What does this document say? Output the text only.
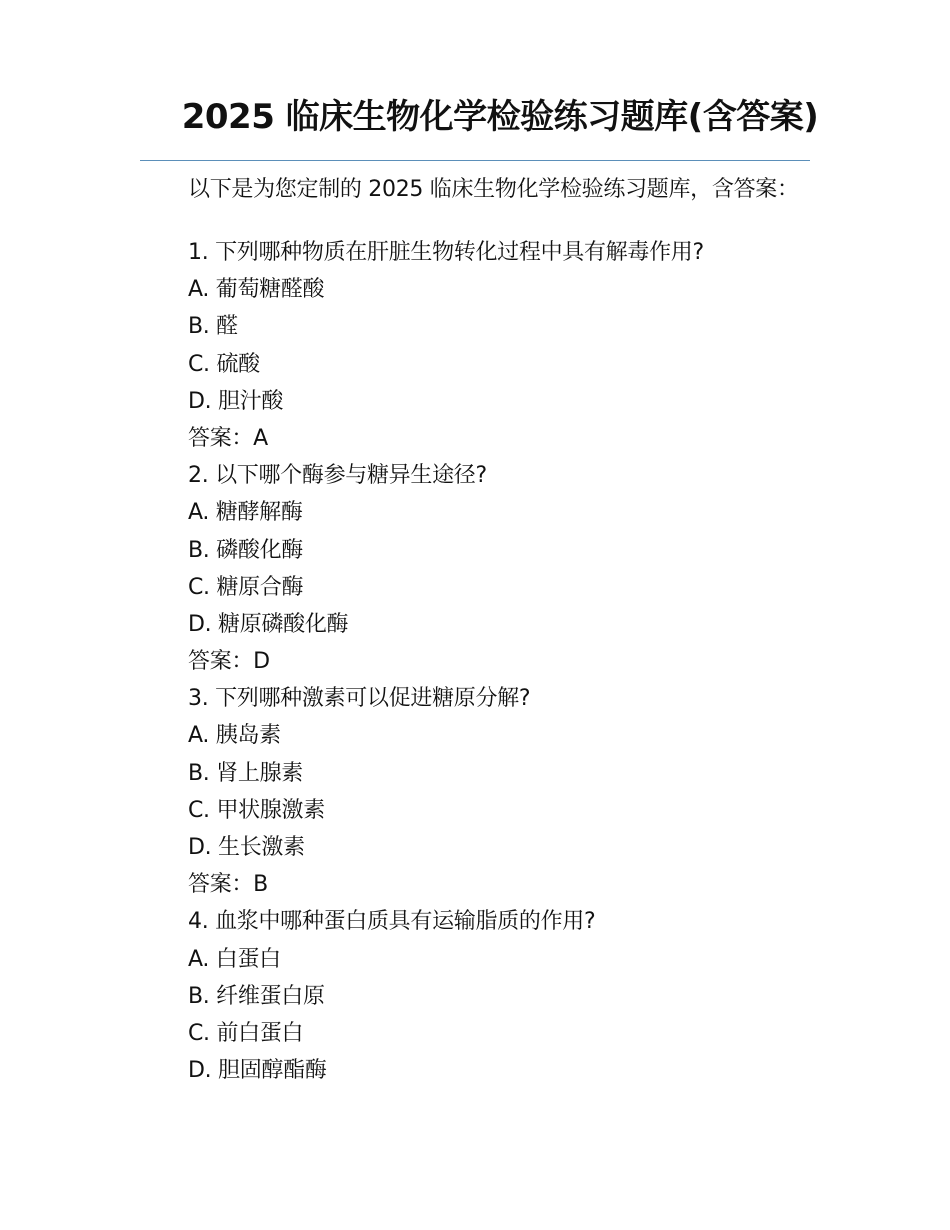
2025 临床生物化学检验练习题库(含答案)
以下是为您定制的 2025 临床生物化学检验练习题库，含答案：
1. 下列哪种物质在肝脏生物转化过程中具有解毒作用?
A. 葡萄糖醛酸
B. 醛
C. 硫酸
D. 胆汁酸
答案：A
2. 以下哪个酶参与糖异生途径?
A. 糖酵解酶
B. 磷酸化酶
C. 糖原合酶
D. 糖原磷酸化酶
答案：D
3. 下列哪种激素可以促进糖原分解?
A. 胰岛素
B. 肾上腺素
C. 甲状腺激素
D. 生长激素
答案：B
4. 血浆中哪种蛋白质具有运输脂质的作用?
A. 白蛋白
B. 纤维蛋白原
C. 前白蛋白
D. 胆固醇酯酶
